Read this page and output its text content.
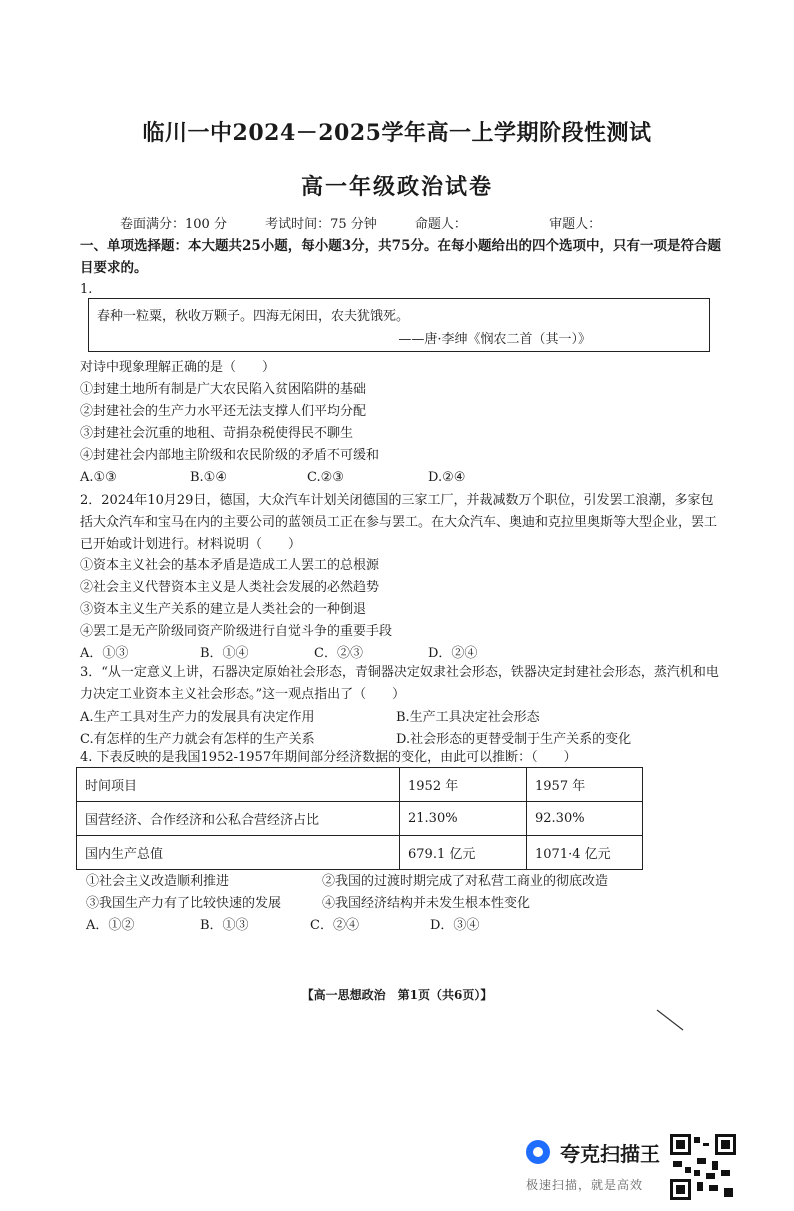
临川一中2024－2025学年高一上学期阶段性测试
高一年级政治试卷
卷面满分：100 分	考试时间：75 分钟	命题人：	审题人：
一、单项选择题：本大题共25小题，每小题3分，共75分。在每小题给出的四个选项中，只有一项是符合题目要求的。
1.
春种一粒粟，秋收万颗子。四海无闲田，农夫犹饿死。
——唐·李绅《悯农二首（其一）》
对诗中现象理解正确的是（　　）
①封建土地所有制是广大农民陷入贫困陷阱的基础
②封建社会的生产力水平还无法支撑人们平均分配
③封建社会沉重的地租、苛捐杂税使得民不聊生
④封建社会内部地主阶级和农民阶级的矛盾不可缓和
A.①③	B.①④	C.②③	D.②④
2．2024年10月29日，德国，大众汽车计划关闭德国的三家工厂，并裁减数万个职位，引发罢工浪潮，多家包括大众汽车和宝马在内的主要公司的蓝领员工正在参与罢工。在大众汽车、奥迪和克拉里奥斯等大型企业，罢工已开始或计划进行。材料说明（　　）
①资本主义社会的基本矛盾是造成工人罢工的总根源
②社会主义代替资本主义是人类社会发展的必然趋势
③资本主义生产关系的建立是人类社会的一种倒退
④罢工是无产阶级同资产阶级进行自觉斗争的重要手段
A．①③	B．①④	C．②③	D．②④
3．“从一定意义上讲，石器决定原始社会形态，青铜器决定奴隶社会形态，铁器决定封建社会形态，蒸汽机和电力决定工业资本主义社会形态。”这一观点指出了（　　）
A.生产工具对生产力的发展具有决定作用	B.生产工具决定社会形态
C.有怎样的生产力就会有怎样的生产关系	D.社会形态的更替受制于生产关系的变化
4. 下表反映的是我国1952-1957年期间部分经济数据的变化，由此可以推断：（　　）
时间项目	1952 年	1957 年
国营经济、合作经济和公私合营经济占比	21.30%	92.30%
国内生产总值	679.1 亿元	1071·4 亿元
①社会主义改造顺利推进	②我国的过渡时期完成了对私营工商业的彻底改造
③我国生产力有了比较快速的发展	④我国经济结构并未发生根本性变化
A．①②	B．①③	C．②④	D．③④
【高一思想政治　第1页（共6页）】
夸克扫描王
极速扫描，就是高效
